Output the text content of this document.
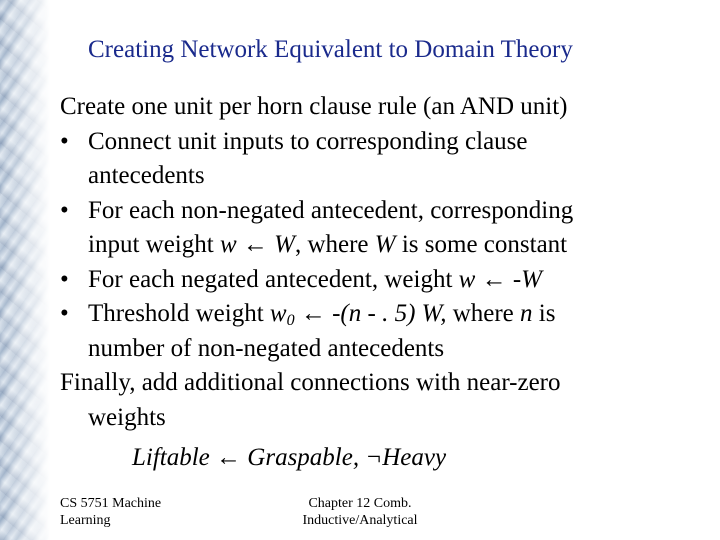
Creating Network Equivalent to Domain Theory
Create one unit per horn clause rule (an AND unit)
• Connect unit inputs to corresponding clause
antecedents
• For each non-negated antecedent, corresponding
input weight w ← W, where W is some constant
• For each negated antecedent, weight w ← -W
• Threshold weight $w_0$ ← -(n - . 5) W, where n is
number of non-negated antecedents
Finally, add additional connections with near-zero
weights
Liftable ← Graspable, ¬Heavy
CS 5751 Machine
Learning
Chapter 12 Comb.
Inductive/Analytical
